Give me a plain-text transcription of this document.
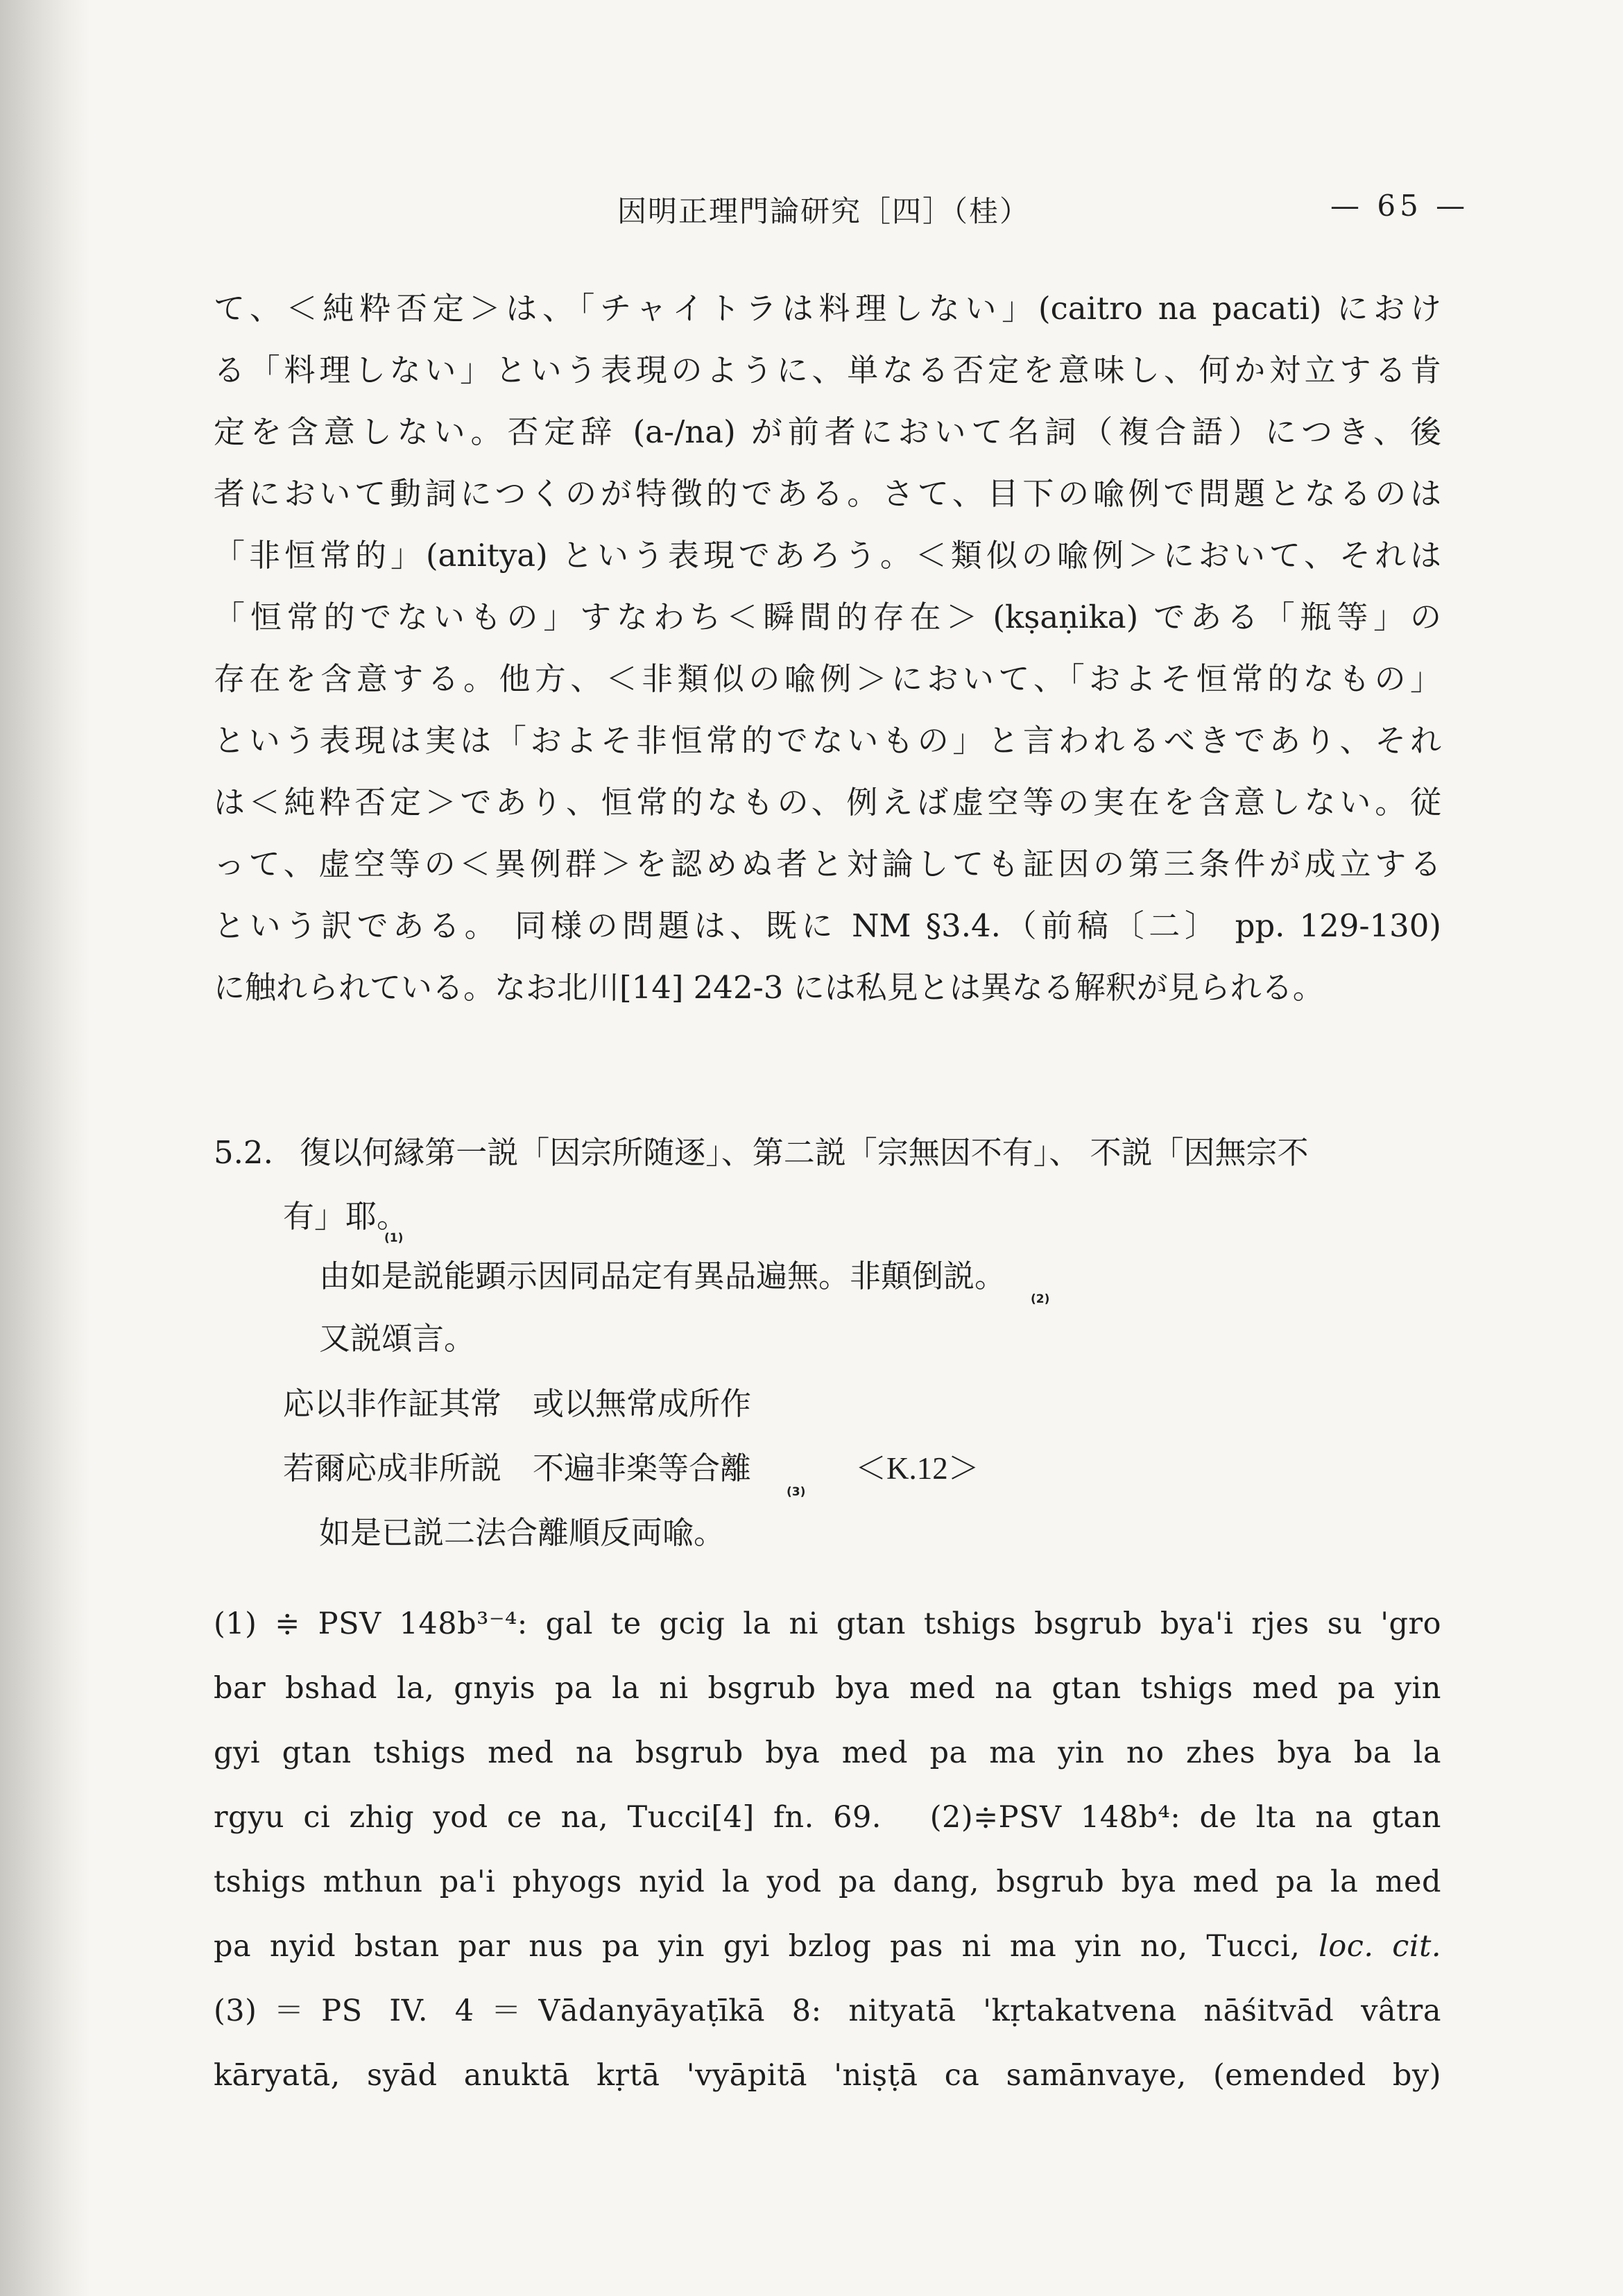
因明正理門論研究［四］（桂）	— 65 —
て、＜純粋否定＞は、「チャイトラは料理しない」(caitro na pacati) におけ
る「料理しない」という表現のように、単なる否定を意味し、何か対立する肯
定を含意しない。否定辞 (a-/na) が前者において名詞（複合語）につき、後
者において動詞につくのが特徴的である。さて、目下の喩例で問題となるのは
「非恒常的」(anitya) という表現であろう。＜類似の喩例＞において、それは
「恒常的でないもの」すなわち＜瞬間的存在＞ (kṣaṇika) である「瓶等」の
存在を含意する。他方、＜非類似の喩例＞において、「およそ恒常的なもの」
という表現は実は「およそ非恒常的でないもの」と言われるべきであり、それ
は＜純粋否定＞であり、恒常的なもの、例えば虚空等の実在を含意しない。従
って、虚空等の＜異例群＞を認めぬ者と対論しても証因の第三条件が成立する
という訳である。 同様の問題は、既に NM §3.4.（前稿〔二〕 pp. 129-130)
に触れられている。なお北川[14] 242-3 には私見とは異なる解釈が見られる。
5.2. 復以何縁第一説「因宗所随逐」、第二説「宗無因不有」、 不説「因無宗不
有」耶。
(1)
由如是説能顕示因同品定有異品遍無。非顛倒説。
(2)
又説頌言。
応以非作証其常　或以無常成所作
若爾応成非所説　不遍非楽等合離
(3)
＜K.12＞
如是已説二法合離順反両喩。
(1) ≑ PSV 148b³⁻⁴: gal te gcig la ni gtan tshigs bsgrub bya'i rjes su 'gro
bar bshad la, gnyis pa la ni bsgrub bya med na gtan tshigs med pa yin
gyi gtan tshigs med na bsgrub bya med pa ma yin no zhes bya ba la
rgyu ci zhig yod ce na, Tucci[4] fn. 69.　(2)≑PSV 148b⁴: de lta na gtan
tshigs mthun pa'i phyogs nyid la yod pa dang, bsgrub bya med pa la med
pa nyid bstan par nus pa yin gyi bzlog pas ni ma yin no, Tucci, loc. cit.
(3)＝PS IV. 4＝Vādanyāyaṭīkā 8: nityatā 'kṛtakatvena nāśitvād vâtra
kāryatā, syād anuktā kṛtā 'vyāpitā 'niṣṭā ca samānvaye, (emended by)
